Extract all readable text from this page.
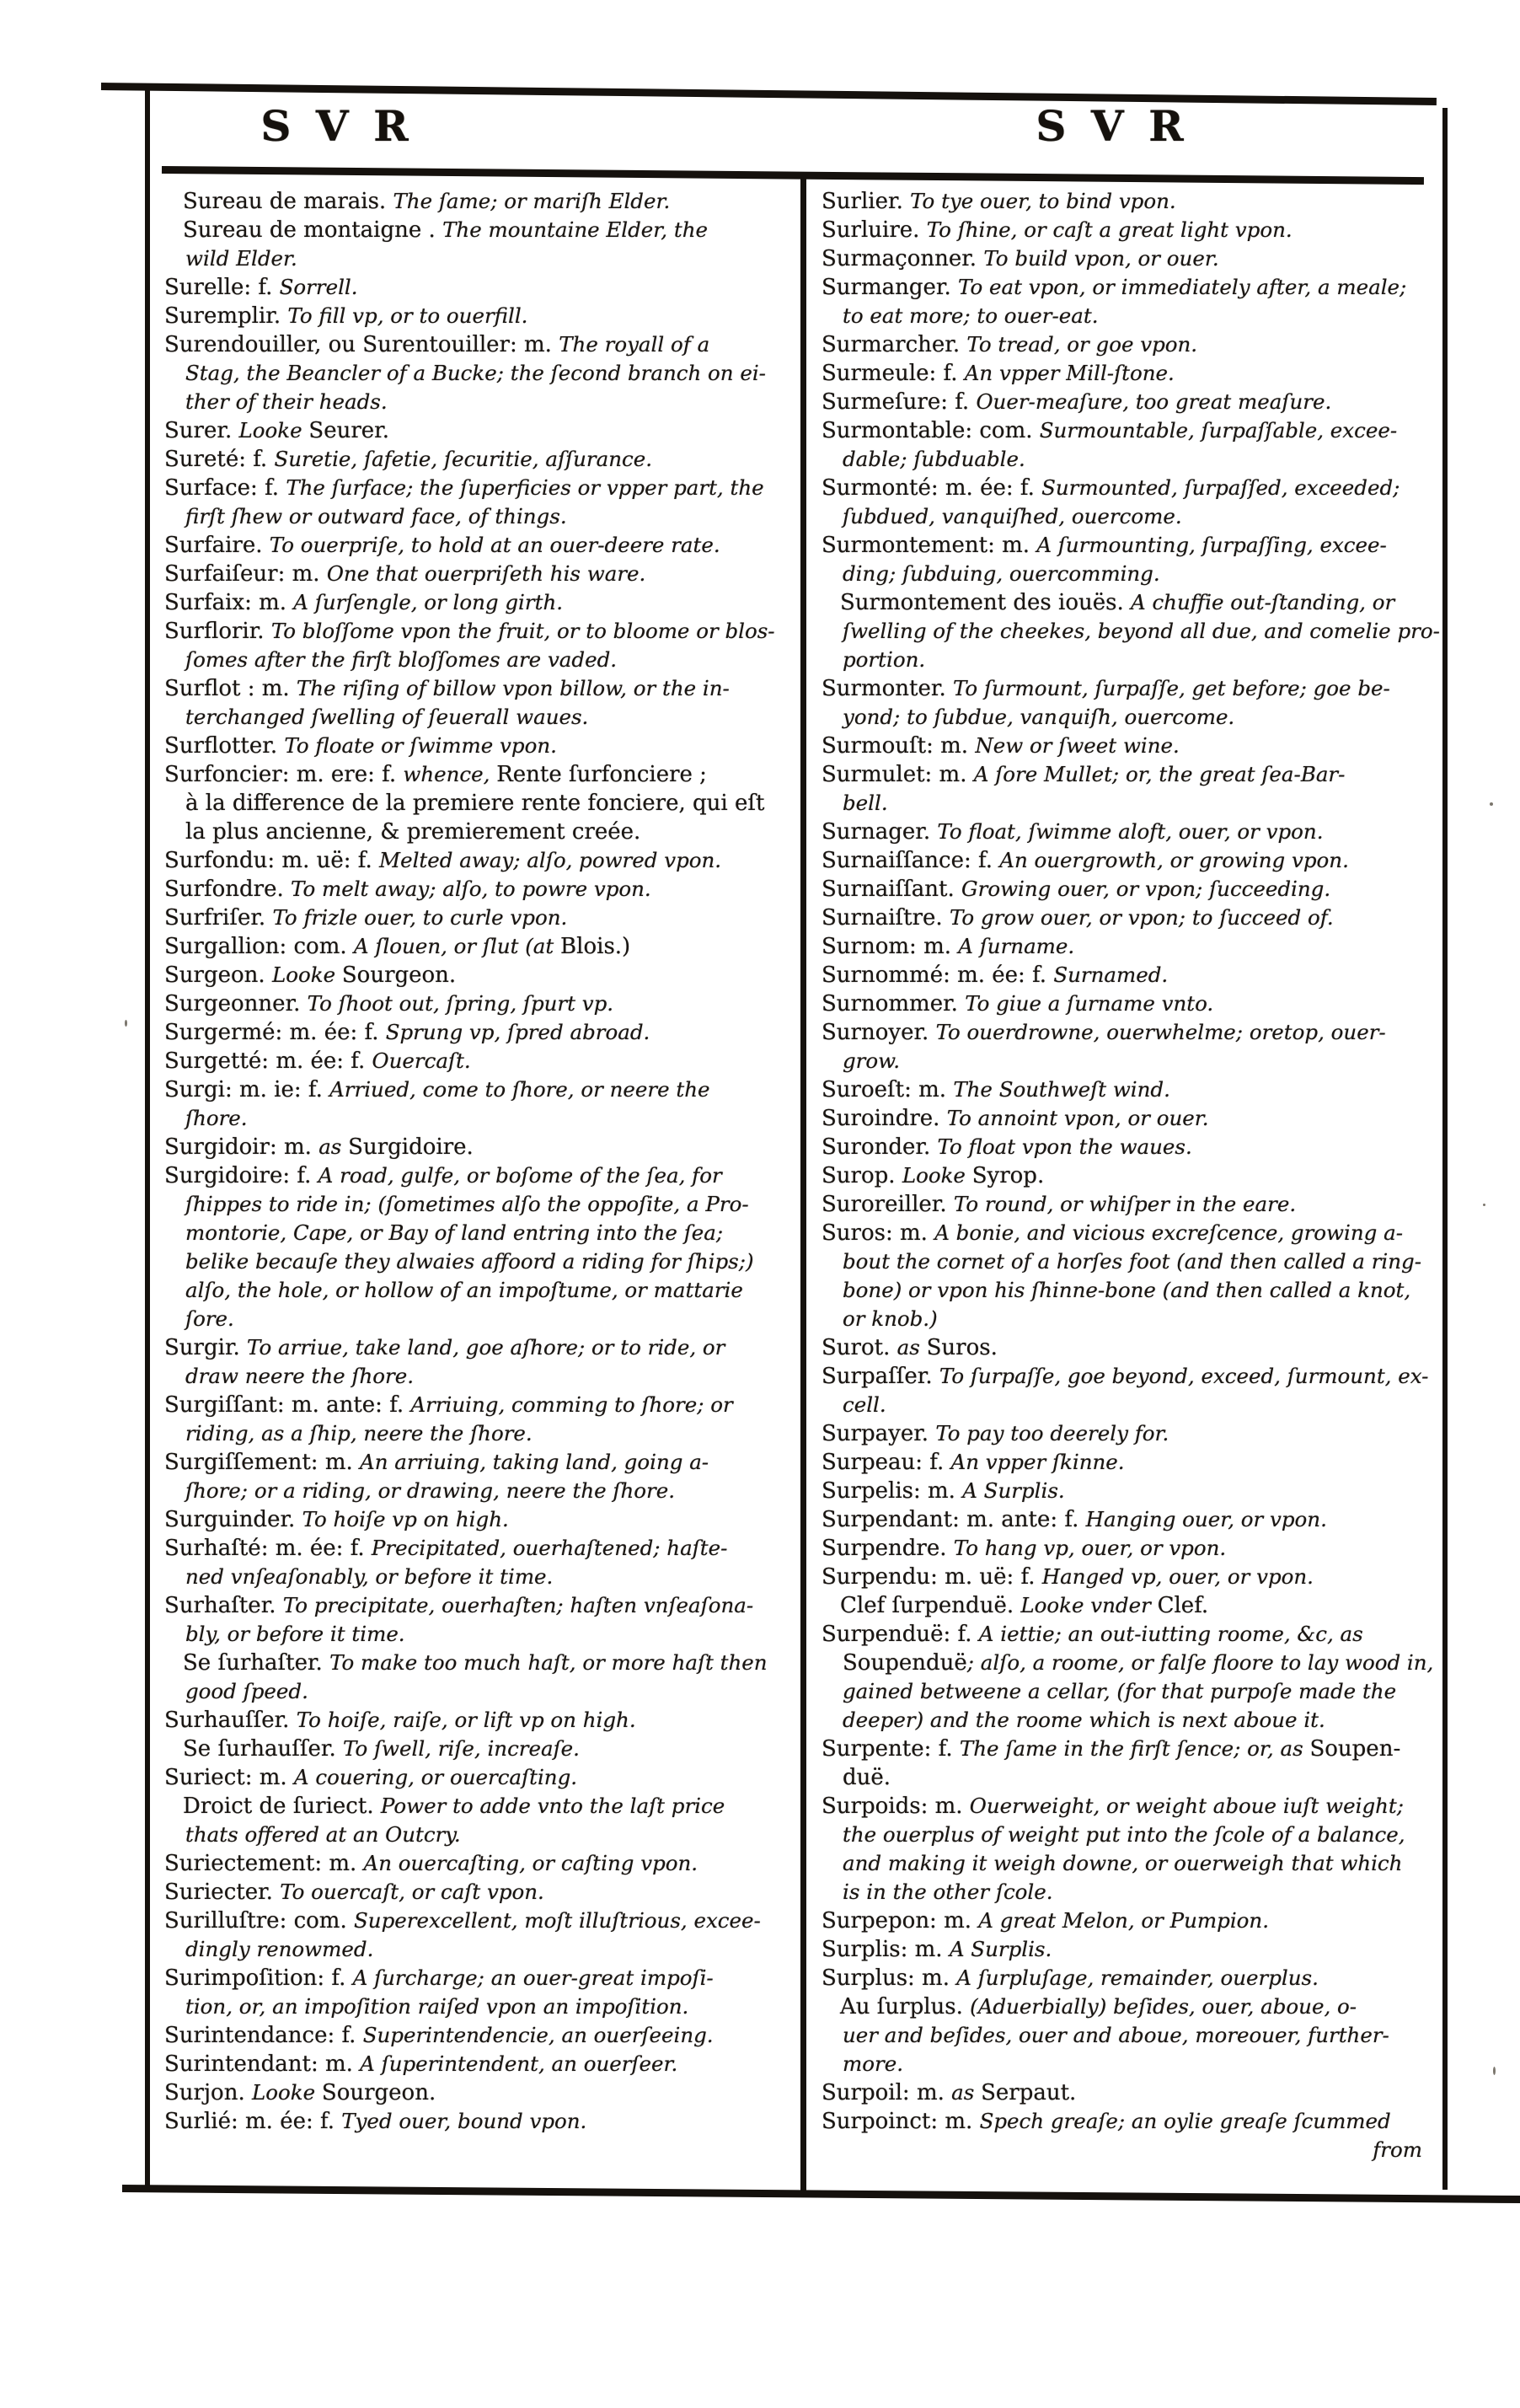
S V R	S V R
Sureau de marais. The ſame; or mariſh Elder.
Sureau de montaigne . The mountaine Elder, the
wild Elder.
Surelle: f. Sorrell.
Suremplir. To fill vp, or to ouerfill.
Surendouiller, ou Surentouiller: m. The royall of a
Stag, the Beancler of a Bucke; the ſecond branch on ei-
ther of their heads.
Surer. Looke Seurer.
Sureté: f. Suretie, ſafetie, ſecuritie, aſſurance.
Surface: f. The ſurface; the ſuperficies or vpper part, the
firſt ſhew or outward face, of things.
Surfaire. To ouerpriſe, to hold at an ouer-deere rate.
Surfaiſeur: m. One that ouerpriſeth his ware.
Surfaix: m. A ſurſengle, or long girth.
Surflorir. To bloſſome vpon the fruit, or to bloome or blos-
ſomes after the firſt bloſſomes are vaded.
Surflot : m. The riſing of billow vpon billow, or the in-
terchanged ſwelling of ſeuerall waues.
Surflotter. To floate or ſwimme vpon.
Surfoncier: m. ere: f. whence, Rente ſurfonciere ;
à la difference de la premiere rente fonciere, qui eſt
la plus ancienne, & premierement creée.
Surfondu: m. uë: f. Melted away; alſo, powred vpon.
Surfondre. To melt away; alſo, to powre vpon.
Surfriſer. To frizle ouer, to curle vpon.
Surgallion: com. A ſlouen, or ſlut (at Blois.)
Surgeon. Looke Sourgeon.
Surgeonner. To ſhoot out, ſpring, ſpurt vp.
Surgermé: m. ée: f. Sprung vp, ſpred abroad.
Surgetté: m. ée: f. Ouercaſt.
Surgi: m. ie: f. Arriued, come to ſhore, or neere the
ſhore.
Surgidoir: m. as Surgidoire.
Surgidoire: f. A road, gulfe, or boſome of the ſea, for
ſhippes to ride in; (ſometimes alſo the oppoſite, a Pro-
montorie, Cape, or Bay of land entring into the ſea;
belike becauſe they alwaies affoord a riding for ſhips;)
alſo, the hole, or hollow of an impoſtume, or mattarie
ſore.
Surgir. To arriue, take land, goe aſhore; or to ride, or
draw neere the ſhore.
Surgiſſant: m. ante: f. Arriuing, comming to ſhore; or
riding, as a ſhip, neere the ſhore.
Surgiſſement: m. An arriuing, taking land, going a-
ſhore; or a riding, or drawing, neere the ſhore.
Surguinder. To hoiſe vp on high.
Surhaſté: m. ée: f. Precipitated, ouerhaſtened; haſte-
ned vnſeaſonably, or before it time.
Surhaſter. To precipitate, ouerhaſten; haſten vnſeaſona-
bly, or before it time.
Se ſurhaſter. To make too much haſt, or more haſt then
good ſpeed.
Surhauſſer. To hoiſe, raiſe, or lift vp on high.
Se ſurhauſſer. To ſwell, riſe, increaſe.
Suriect: m. A couering, or ouercaſting.
Droict de ſuriect. Power to adde vnto the laſt price
thats offered at an Outcry.
Suriectement: m. An ouercaſting, or caſting vpon.
Suriecter. To ouercaſt, or caſt vpon.
Surilluſtre: com. Superexcellent, moſt illuſtrious, excee-
dingly renowmed.
Surimpoſition: f. A ſurcharge; an ouer-great impoſi-
tion, or, an impoſition raiſed vpon an impoſition.
Surintendance: f. Superintendencie, an ouerſeeing.
Surintendant: m. A ſuperintendent, an ouerſeer.
Surjon. Looke Sourgeon.
Surlié: m. ée: f. Tyed ouer, bound vpon.
Surlier. To tye ouer, to bind vpon.
Surluire. To ſhine, or caſt a great light vpon.
Surmaçonner. To build vpon, or ouer.
Surmanger. To eat vpon, or immediately after, a meale;
to eat more; to ouer-eat.
Surmarcher. To tread, or goe vpon.
Surmeule: f. An vpper Mill-ſtone.
Surmeſure: f. Ouer-meaſure, too great meaſure.
Surmontable: com. Surmountable, ſurpaſſable, excee-
dable; ſubduable.
Surmonté: m. ée: f. Surmounted, ſurpaſſed, exceeded;
ſubdued, vanquiſhed, ouercome.
Surmontement: m. A ſurmounting, ſurpaſſing, excee-
ding; ſubduing, ouercomming.
Surmontement des iouës. A chuffie out-ſtanding, or
ſwelling of the cheekes, beyond all due, and comelie pro-
portion.
Surmonter. To ſurmount, ſurpaſſe, get before; goe be-
yond; to ſubdue, vanquiſh, ouercome.
Surmouſt: m. New or ſweet wine.
Surmulet: m. A ſore Mullet; or, the great ſea-Bar-
bell.
Surnager. To float, ſwimme aloft, ouer, or vpon.
Surnaiſſance: f. An ouergrowth, or growing vpon.
Surnaiſſant. Growing ouer, or vpon; ſucceeding.
Surnaiſtre. To grow ouer, or vpon; to ſucceed of.
Surnom: m. A ſurname.
Surnommé: m. ée: f. Surnamed.
Surnommer. To giue a ſurname vnto.
Surnoyer. To ouerdrowne, ouerwhelme; oretop, ouer-
grow.
Suroeſt: m. The Southweſt wind.
Suroindre. To annoint vpon, or ouer.
Suronder. To float vpon the waues.
Surop. Looke Syrop.
Suroreiller. To round, or whiſper in the eare.
Suros: m. A bonie, and vicious excreſcence, growing a-
bout the cornet of a horſes foot (and then called a ring-
bone) or vpon his ſhinne-bone (and then called a knot,
or knob.)
Surot. as Suros.
Surpaſſer. To ſurpaſſe, goe beyond, exceed, ſurmount, ex-
cell.
Surpayer. To pay too deerely for.
Surpeau: f. An vpper ſkinne.
Surpelis: m. A Surplis.
Surpendant: m. ante: f. Hanging ouer, or vpon.
Surpendre. To hang vp, ouer, or vpon.
Surpendu: m. uë: f. Hanged vp, ouer, or vpon.
Clef ſurpenduë. Looke vnder Clef.
Surpenduë: f. A iettie; an out-iutting roome, &c, as
Soupenduë; alſo, a roome, or falſe floore to lay wood in,
gained betweene a cellar, (for that purpoſe made the
deeper) and the roome which is next aboue it.
Surpente: f. The ſame in the firſt ſence; or, as Soupen-
duë.
Surpoids: m. Ouerweight, or weight aboue iuſt weight;
the ouerplus of weight put into the ſcole of a balance,
and making it weigh downe, or ouerweigh that which
is in the other ſcole.
Surpepon: m. A great Melon, or Pumpion.
Surplis: m. A Surplis.
Surplus: m. A ſurpluſage, remainder, ouerplus.
Au ſurplus. (Aduerbially) beſides, ouer, aboue, o-
uer and beſides, ouer and aboue, moreouer, further-
more.
Surpoil: m. as Serpaut.
Surpoinct: m. Spech greaſe; an oylie greaſe ſcummed
from
